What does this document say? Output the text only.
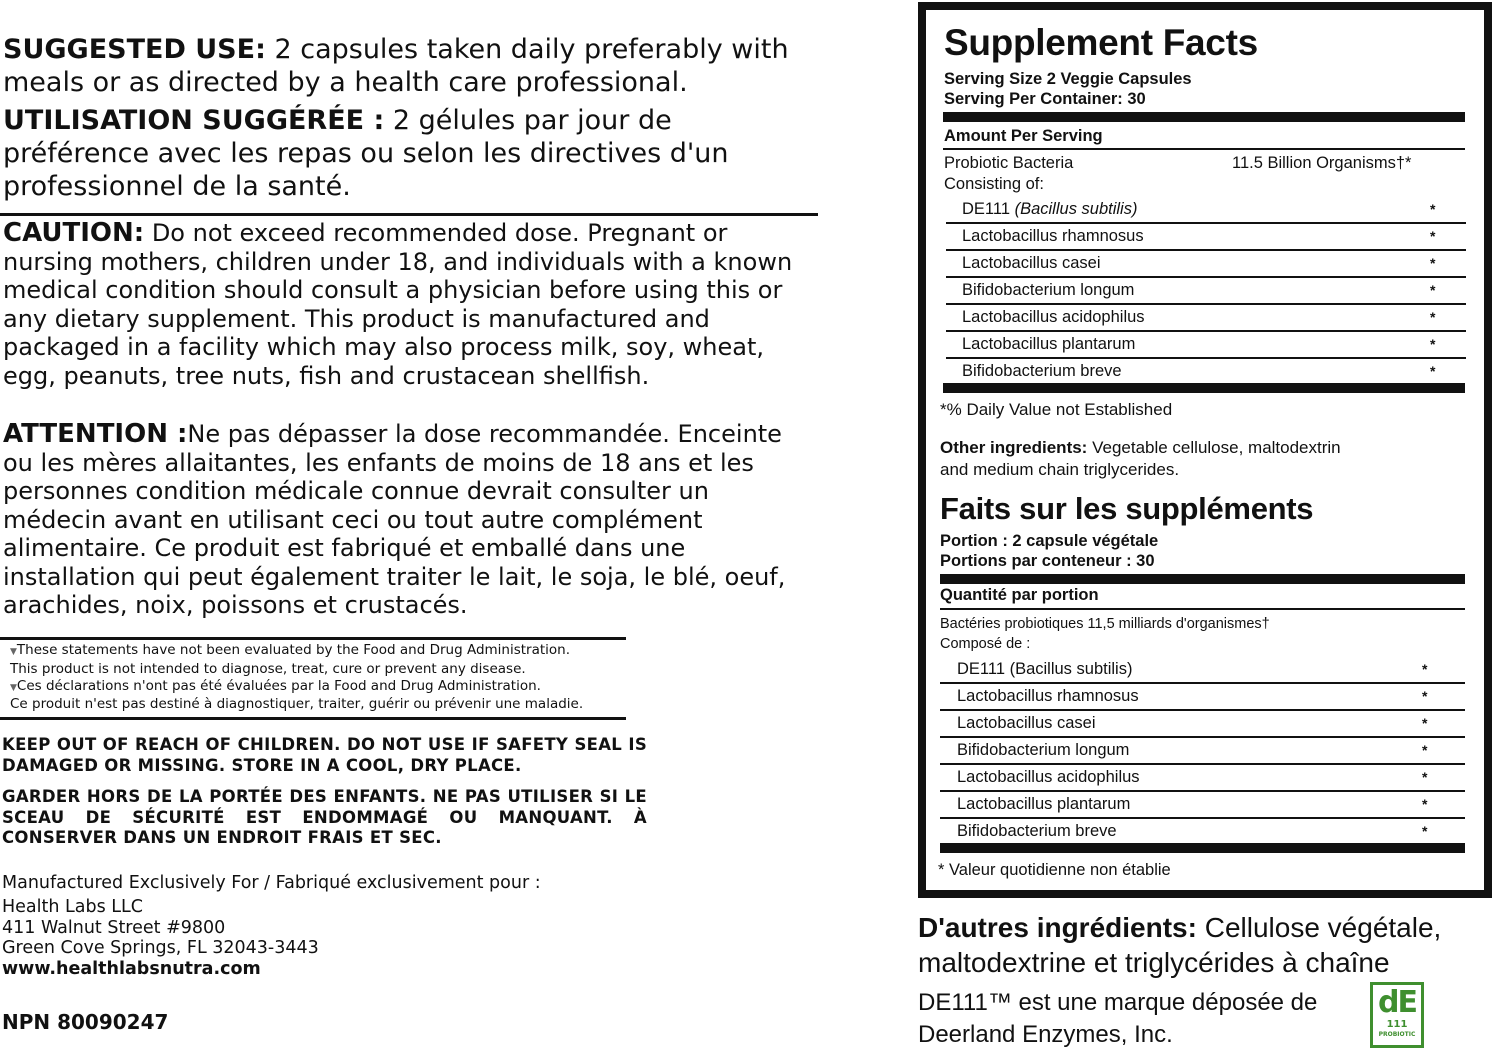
SUGGESTED USE: 2 capsules taken daily preferably with meals or as directed by a health care professional.
UTILISATION SUGGÉRÉE : 2 gélules par jour de préférence avec les repas ou selon les directives d'un professionnel de la santé.
CAUTION: Do not exceed recommended dose. Pregnant or nursing mothers, children under 18, and individuals with a known medical condition should consult a physician before using this or any dietary supplement. This product is manufactured and packaged in a facility which may also process milk, soy, wheat, egg, peanuts, tree nuts, fish and crustacean shellfish.
ATTENTION :Ne pas dépasser la dose recommandée. Enceinte ou les mères allaitantes, les enfants de moins de 18 ans et les personnes condition médicale connue devrait consulter un médecin avant en utilisant ceci ou tout autre complément alimentaire. Ce produit est fabriqué et emballé dans une installation qui peut également traiter le lait, le soja, le blé, oeuf, arachides, noix, poissons et crustacés.
▼These statements have not been evaluated by the Food and Drug Administration.
This product is not intended to diagnose, treat, cure or prevent any disease.
▼Ces déclarations n'ont pas été évaluées par la Food and Drug Administration.
Ce produit n'est pas destiné à diagnostiquer, traiter, guérir ou prévenir une maladie.
KEEP OUT OF REACH OF CHILDREN. DO NOT USE IF SAFETY SEAL IS DAMAGED OR MISSING. STORE IN A COOL, DRY PLACE.
GARDER HORS DE LA PORTÉE DES ENFANTS. NE PAS UTILISER SI LE SCEAU DE SÉCURITÉ EST ENDOMMAGÉ OU MANQUANT. À CONSERVER DANS UN ENDROIT FRAIS ET SEC.
Manufactured Exclusively For / Fabriqué exclusivement pour :
Health Labs LLC
411 Walnut Street #9800
Green Cove Springs, FL 32043-3443
www.healthlabsnutra.com
NPN 80090247
Supplement Facts
Serving Size 2 Veggie Capsules
Serving Per Container: 30
Amount Per Serving
Probiotic Bacteria	11.5 Billion Organisms†*
Consisting of:
DE111 (Bacillus subtilis)	*
Lactobacillus rhamnosus	*
Lactobacillus casei	*
Bifidobacterium longum	*
Lactobacillus acidophilus	*
Lactobacillus plantarum	*
Bifidobacterium breve	*
*% Daily Value not Established
Other ingredients: Vegetable cellulose, maltodextrin and medium chain triglycerides.
Faits sur les suppléments
Portion : 2 capsule végétale
Portions par conteneur : 30
Quantité par portion
Bactéries probiotiques 11,5 milliards d'organismes†
Composé de :
DE111 (Bacillus subtilis)	*
Lactobacillus rhamnosus	*
Lactobacillus casei	*
Bifidobacterium longum	*
Lactobacillus acidophilus	*
Lactobacillus plantarum	*
Bifidobacterium breve	*
* Valeur quotidienne non établie
D'autres ingrédients: Cellulose végétale, maltodextrine et triglycérides à chaîne
DE111™ est une marque déposée de Deerland Enzymes, Inc.
dE
111
PROBIOTIC
